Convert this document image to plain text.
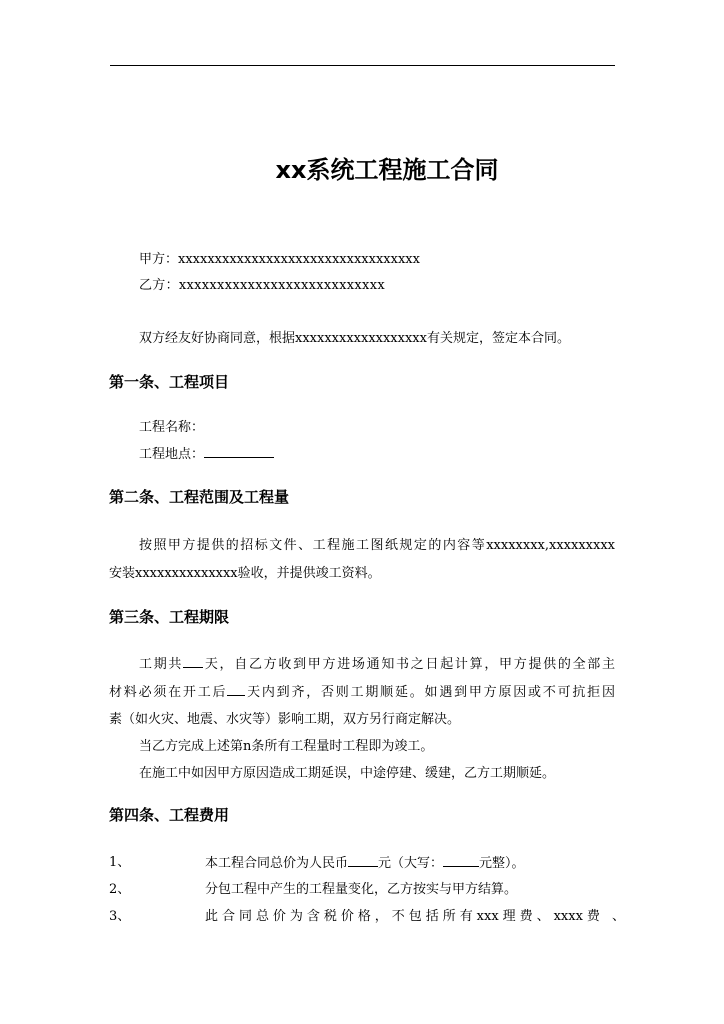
xx系统工程施工合同
甲方：xxxxxxxxxxxxxxxxxxxxxxxxxxxxxxxxx
乙方：xxxxxxxxxxxxxxxxxxxxxxxxxxx
双方经友好协商同意，根据xxxxxxxxxxxxxxxxxx有关规定，签定本合同。
第一条、工程项目
工程名称：
工程地点：
第二条、工程范围及工程量
按照甲方提供的招标文件、工程施工图纸规定的内容等xxxxxxxx,xxxxxxxxx
安装xxxxxxxxxxxxxx验收，并提供竣工资料。
第三条、工程期限
工期共 天，自乙方收到甲方进场通知书之日起计算，甲方提供的全部主
材料必须在开工后 天内到齐，否则工期顺延。如遇到甲方原因或不可抗拒因
素（如火灾、地震、水灾等）影响工期，双方另行商定解决。
当乙方完成上述第n条所有工程量时工程即为竣工。
在施工中如因甲方原因造成工期延误，中途停建、缓建，乙方工期顺延。
第四条、工程费用
1、	本工程合同总价为人民币 元（大写：	元整）。
2、	分包工程中产生的工程量变化，乙方按实与甲方结算。
3、	此合同总价为含税价格，不包括所有xxx理费、xxxx费 、
